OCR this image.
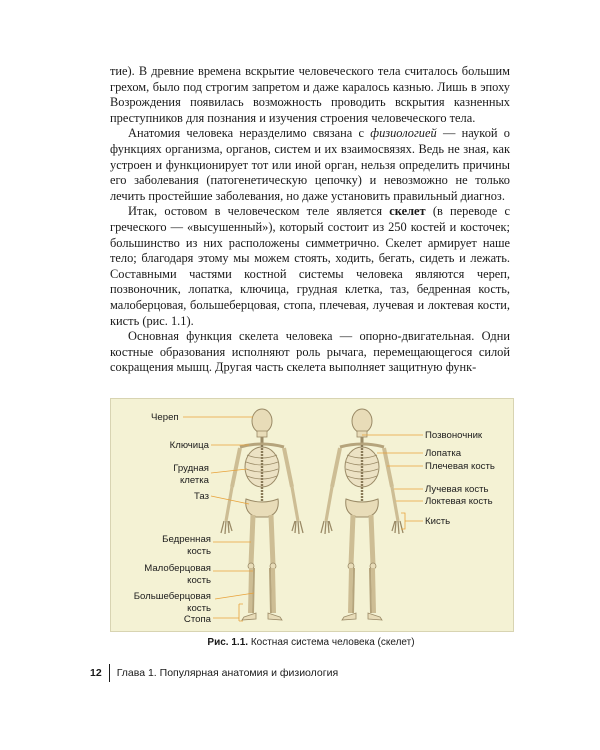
тие). В древние времена вскрытие человеческого тела считалось большим грехом, было под строгим запретом и даже каралось казнью. Лишь в эпоху Возрождения появилась возможность проводить вскрытия казненных преступников для познания и изучения строения человеческого тела.

Анатомия человека неразделимо связана с физиологией — наукой о функциях организма, органов, систем и их взаимосвязях. Ведь не зная, как устроен и функционирует тот или иной орган, нельзя определить причины его заболевания (патогенетическую цепочку) и невозможно не только лечить простейшие заболевания, но даже установить правильный диагноз.

Итак, остовом в человеческом теле является скелет (в переводе с греческого — «высушенный»), который состоит из 250 костей и косточек; большинство из них расположены симметрично. Скелет армирует наше тело; благодаря этому мы можем стоять, ходить, бегать, сидеть и лежать. Составными частями костной системы человека являются череп, позвоночник, лопатка, ключица, грудная клетка, таз, бедренная кость, малоберцовая, большеберцовая, стопа, плечевая, лучевая и локтевая кости, кисть (рис. 1.1).

Основная функция скелета человека — опорно-двигательная. Одни костные образования исполняют роль рычага, перемещающегося силой сокращения мышц. Другая часть скелета выполняет защитную функ-

Череп
Ключица
Грудная
клетка
Таз
Бедренная
кость
Малоберцовая
кость
Большеберцовая
кость
Стопа
Позвоночник
Лопатка
Плечевая кость
Лучевая кость
Локтевая кость
Кисть
Рис. 1.1. Костная система человека (скелет)
12	Глава 1. Популярная анатомия и физиология
